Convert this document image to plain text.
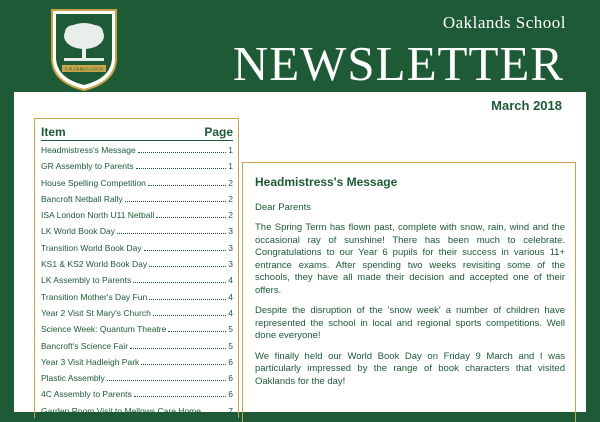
E PLURIBUS UNUM
Oaklands School
NEWSLETTER
March 2018
Item	Page
Headmistress's Message	1
GR Assembly to Parents	1
House Spelling Competition	2
Bancroft Netball Rally	2
ISA London North U11 Netball	2
LK World Book Day	3
Transition World Book Day	3
KS1 & KS2 World Book Day	3
LK Assembly to Parents	4
Transition Mother's Day Fun	4
Year 2 Visit St Mary's Church	4
Science Week: Quantum Theatre	5
Bancroft's Science Fair	5
Year 3 Visit Hadleigh Park	6
Plastic Assembly	6
4C Assembly to Parents	6
Garden Room Visit to Mellows Care Home	7
Headmistress's Message
Dear Parents

The Spring Term has flown past, complete with snow, rain, wind and the occasional ray of sunshine! There has been much to celebrate. Congratulations to our Year 6 pupils for their success in various 11+ entrance exams. After spending two weeks revisiting some of the schools, they have all made their decision and accepted one of their offers.

Despite the disruption of the 'snow week' a number of children have represented the school in local and regional sports competitions. Well done everyone!

We finally held our World Book Day on Friday 9 March and I was particularly impressed by the range of book characters that visited Oaklands for the day!
